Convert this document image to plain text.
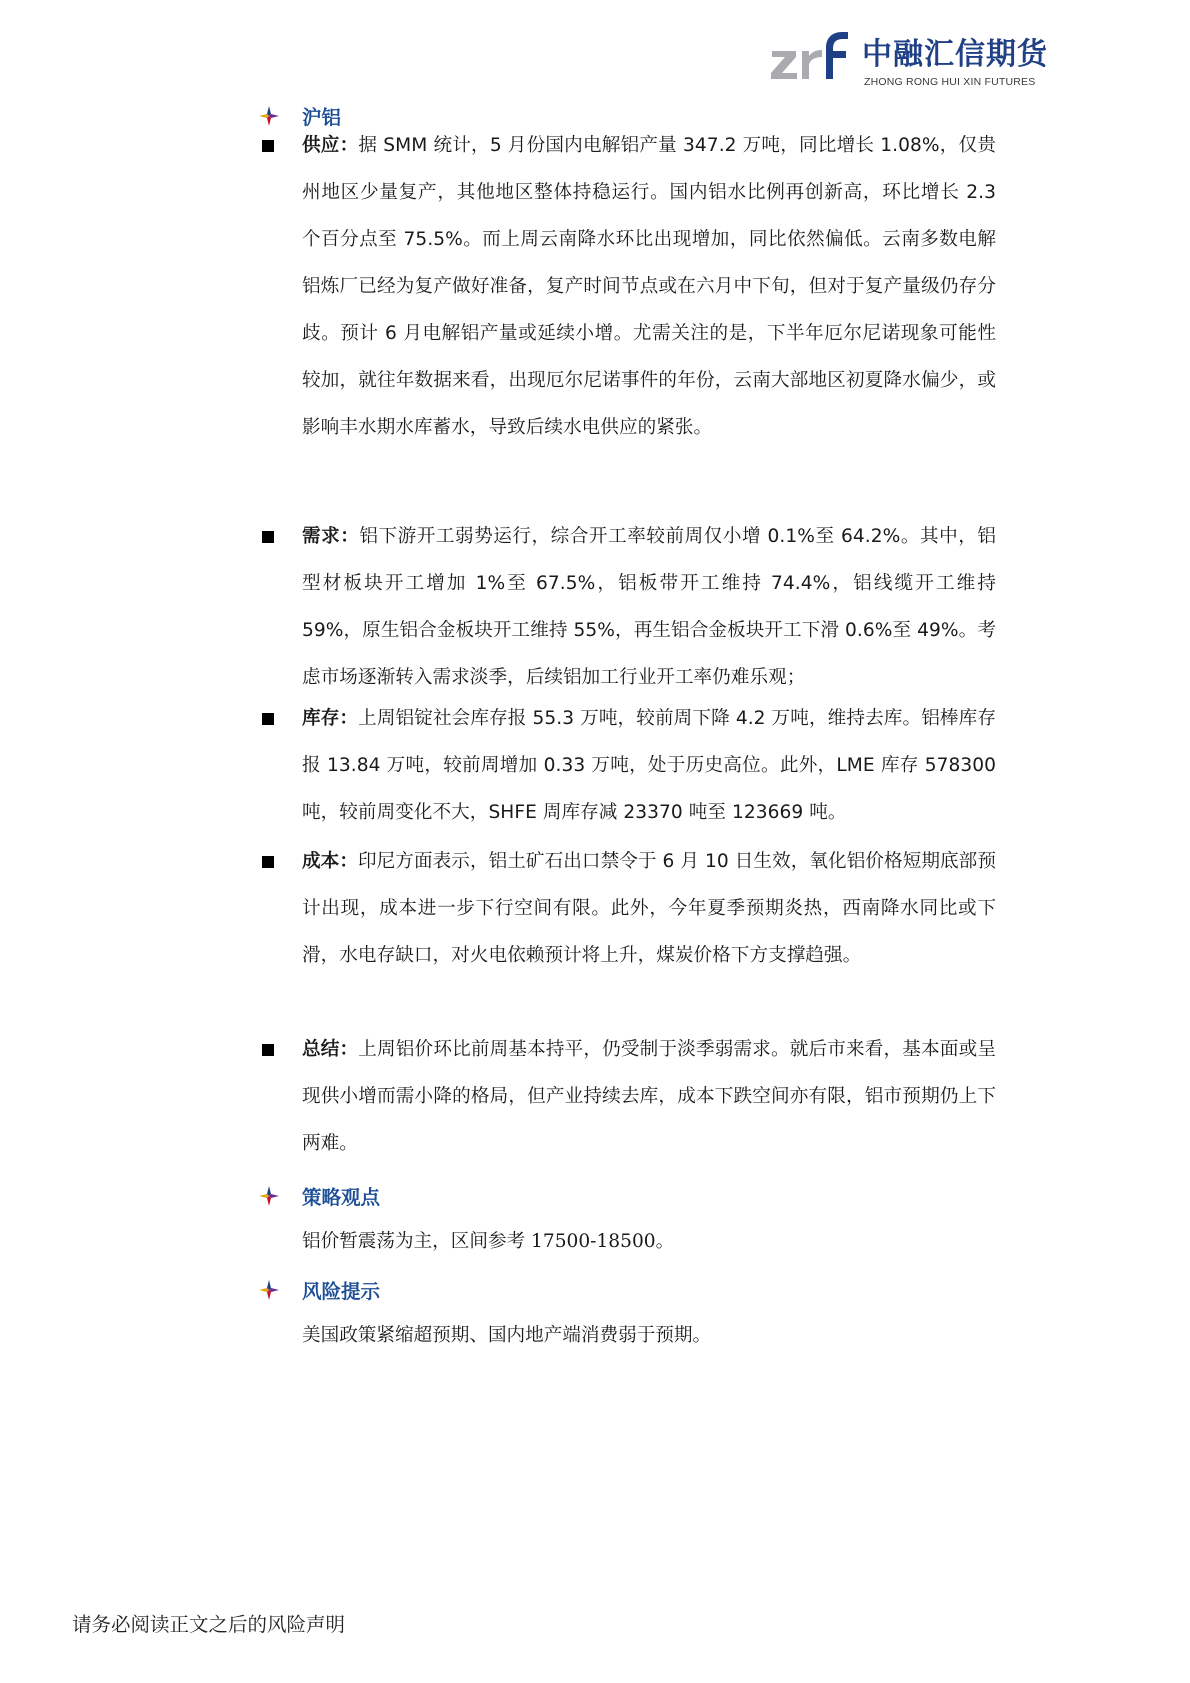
中融汇信期货
ZHONG RONG HUI XIN FUTURES
沪铝
供应：据 SMM 统计，5 月份国内电解铝产量 347.2 万吨，同比增长 1.08%，仅贵州地区少量复产，其他地区整体持稳运行。国内铝水比例再创新高，环比增长 2.3 个百分点至 75.5%。而上周云南降水环比出现增加，同比依然偏低。云南多数电解铝炼厂已经为复产做好准备，复产时间节点或在六月中下旬，但对于复产量级仍存分歧。预计 6 月电解铝产量或延续小增。尤需关注的是，下半年厄尔尼诺现象可能性较加，就往年数据来看，出现厄尔尼诺事件的年份，云南大部地区初夏降水偏少，或影响丰水期水库蓄水，导致后续水电供应的紧张。
需求：铝下游开工弱势运行，综合开工率较前周仅小增 0.1%至 64.2%。其中，铝型材板块开工增加 1%至 67.5%，铝板带开工维持 74.4%，铝线缆开工维持 59%，原生铝合金板块开工维持 55%，再生铝合金板块开工下滑 0.6%至 49%。考虑市场逐渐转入需求淡季，后续铝加工行业开工率仍难乐观；
库存：上周铝锭社会库存报 55.3 万吨，较前周下降 4.2 万吨，维持去库。铝棒库存报 13.84 万吨，较前周增加 0.33 万吨，处于历史高位。此外，LME 库存 578300 吨，较前周变化不大，SHFE 周库存减 23370 吨至 123669 吨。
成本：印尼方面表示，铝土矿石出口禁令于 6 月 10 日生效，氧化铝价格短期底部预计出现，成本进一步下行空间有限。此外，今年夏季预期炎热，西南降水同比或下滑，水电存缺口，对火电依赖预计将上升，煤炭价格下方支撑趋强。
总结：上周铝价环比前周基本持平，仍受制于淡季弱需求。就后市来看，基本面或呈现供小增而需小降的格局，但产业持续去库，成本下跌空间亦有限，铝市预期仍上下两难。
策略观点
铝价暂震荡为主，区间参考 17500-18500。
风险提示
美国政策紧缩超预期、国内地产端消费弱于预期。
请务必阅读正文之后的风险声明
